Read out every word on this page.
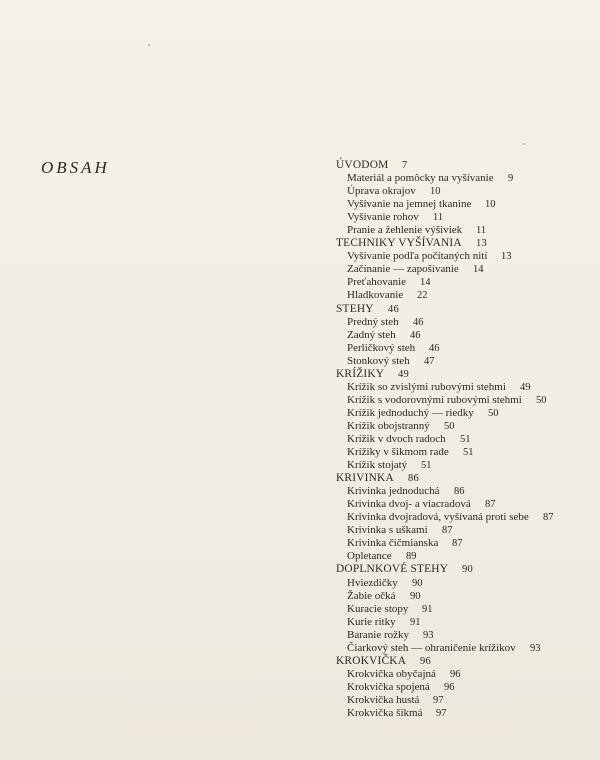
OBSAH	ÚVODOM 7
Materiál a pomôcky na vyšívanie 9
Úprava okrajov 10
Vyšívanie na jemnej tkanine 10
Vyšívanie rohov 11
Pranie a žehlenie výšiviek 11
TECHNIKY VYŠÍVANIA 13
Vyšívanie podľa počítaných nití 13
Začínanie — zapošívanie 14
Preťahovanie 14
Hladkovanie 22
STEHY 46
Predný steh 46
Zadný steh 46
Perličkový steh 46
Stonkový steh 47
KRÍŽIKY 49
Krížik so zvislými rubovými stehmi 49
Krížik s vodorovnými rubovými stehmi 50
Krížik jednoduchý — riedky 50
Krížik obojstranný 50
Krížik v dvoch radoch 51
Krížiky v šikmom rade 51
Krížik stojatý 51
KRIVINKA 86
Krivinka jednoduchá 86
Krivinka dvoj- a viacradová 87
Krivinka dvojradová, vyšívaná proti sebe 87
Krivinka s uškami 87
Krivinka čičmianska 87
Opletance 89
DOPLNKOVÉ STEHY 90
Hviezdičky 90
Žabie očká 90
Kuracie stopy 91
Kurie ritky 91
Baranie rožky 93
Čiarkový steh — ohraničenie krížikov 93
KROKVIČKA 96
Krokvička obyčajná 96
Krokvička spojená 96
Krokvička hustá 97
Krokvička šikmá 97
